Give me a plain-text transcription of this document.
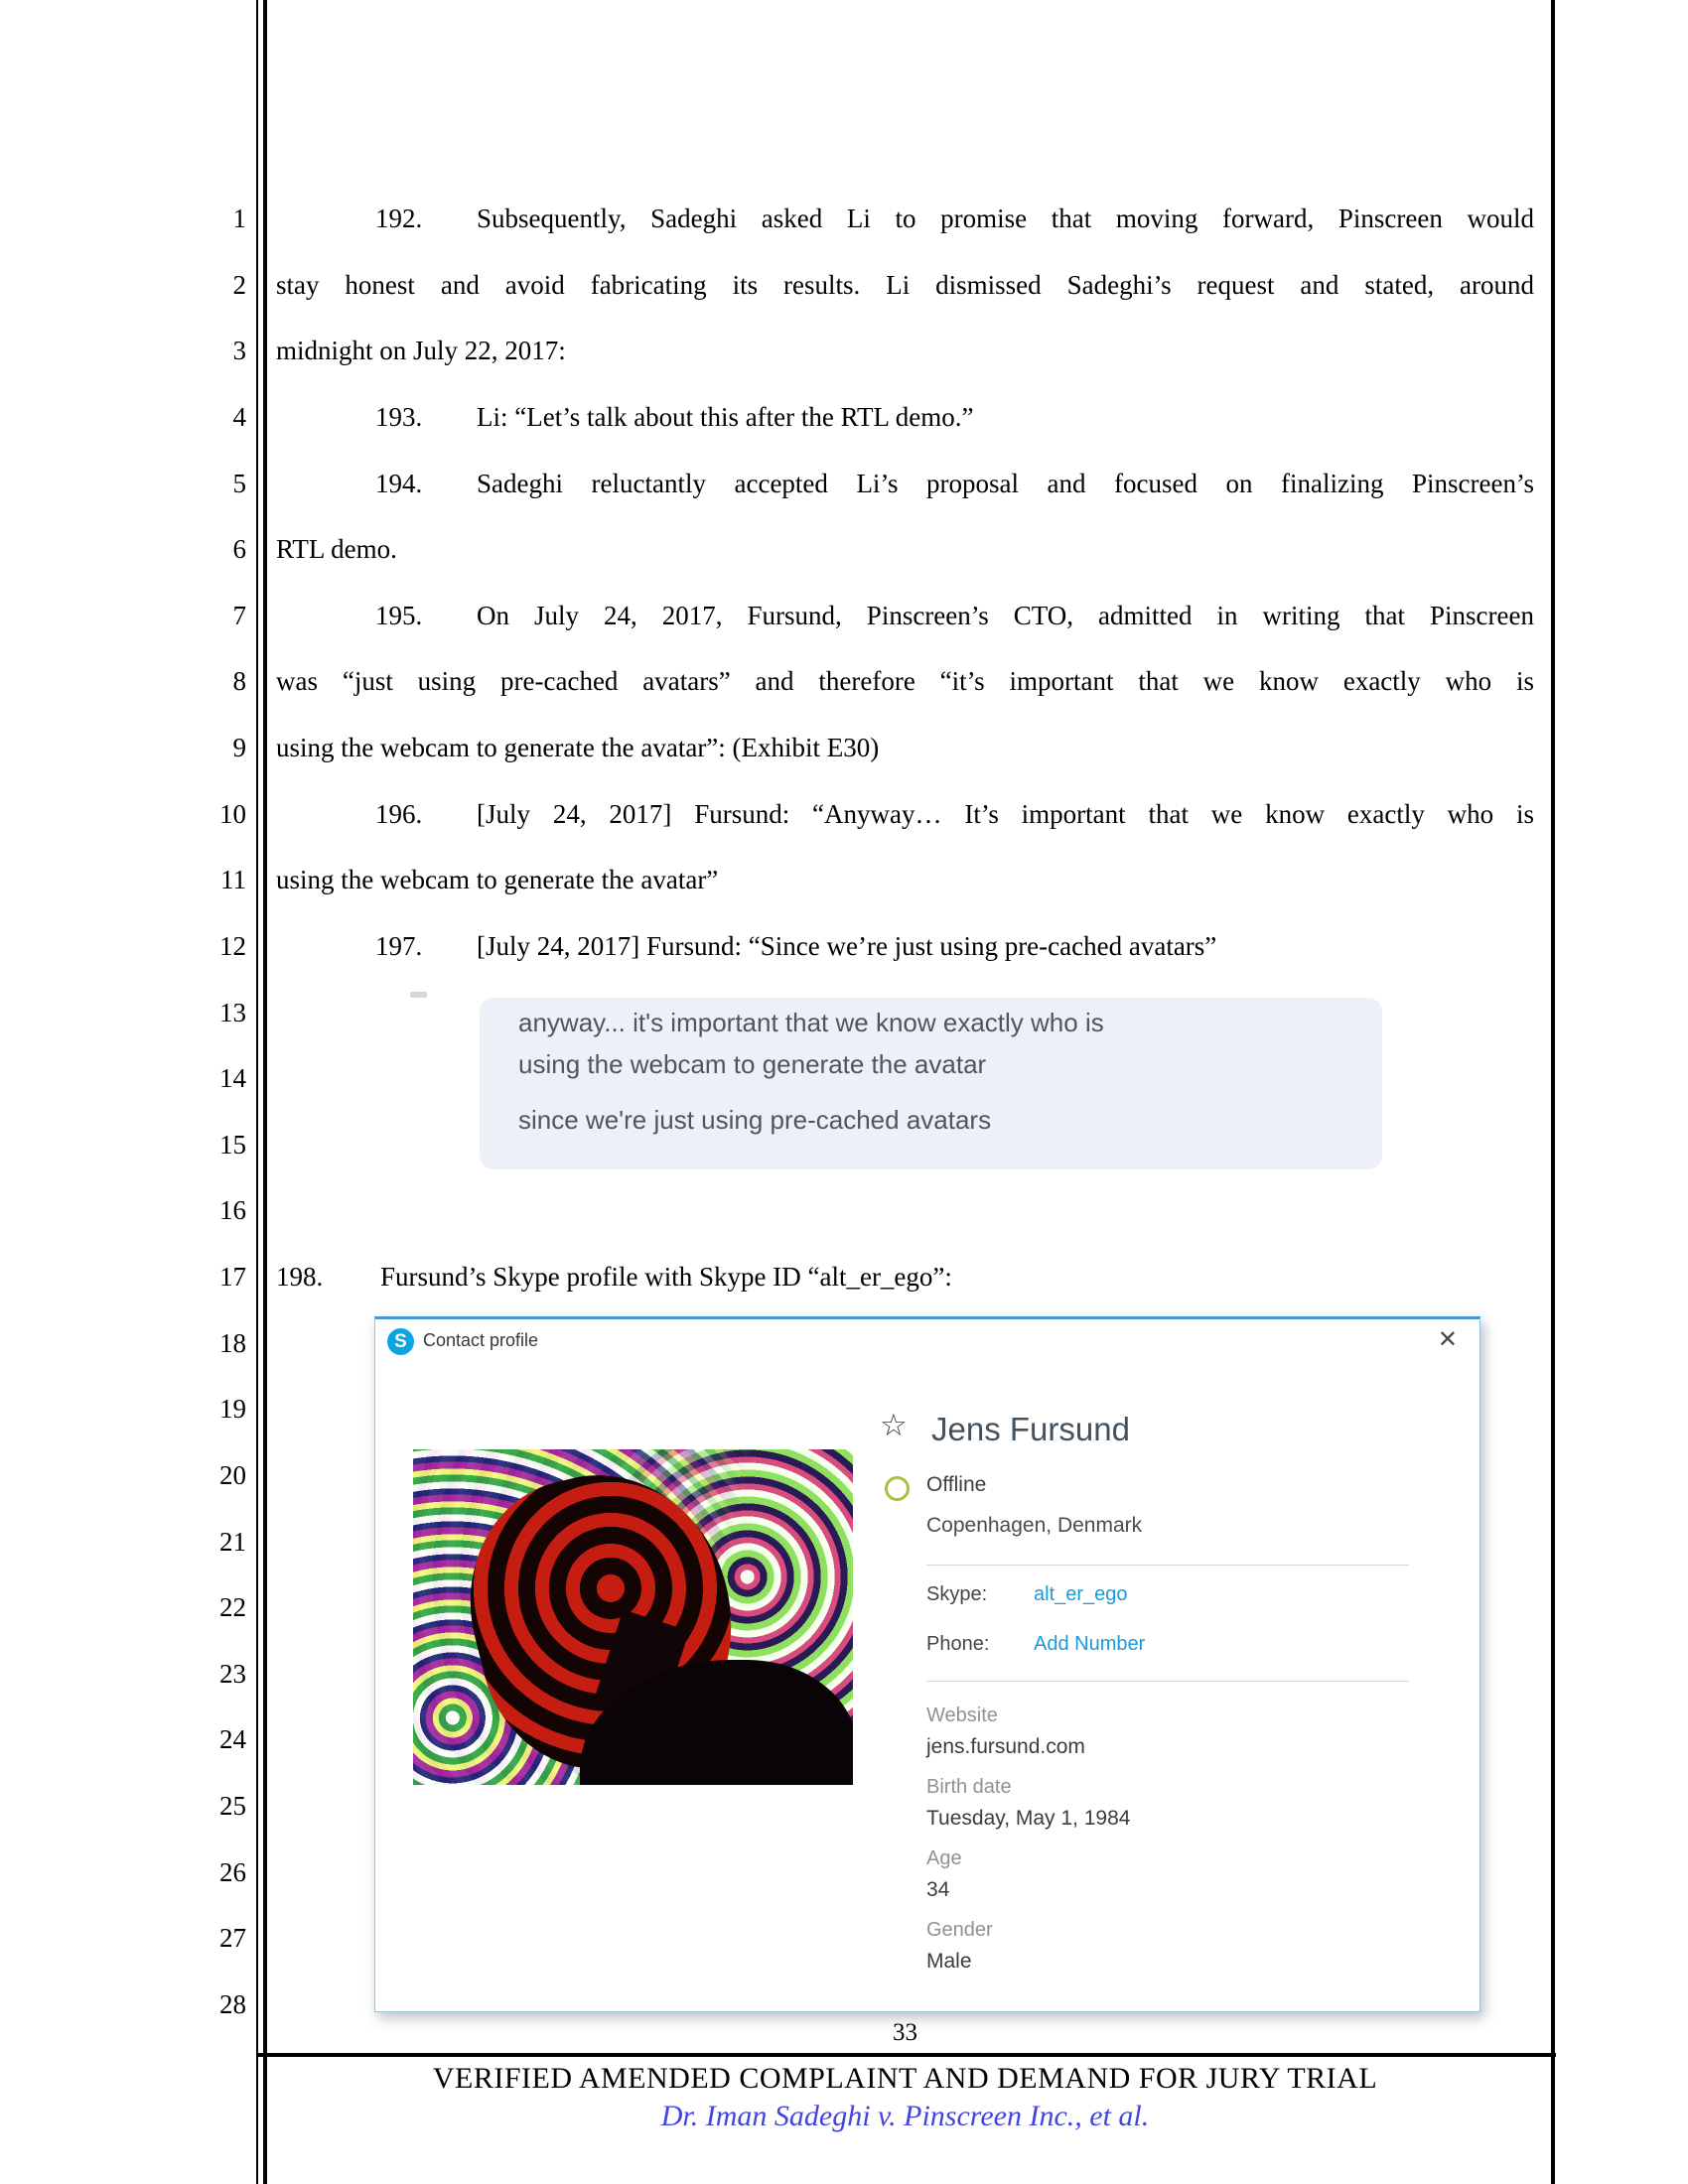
1
2
3
4
5
6
7
8
9
10
11
12
13
14
15
16
17
18
19
20
21
22
23
24
25
26
27
28
192. Subsequently, Sadeghi asked Li to promise that moving forward, Pinscreen would
stay honest and avoid fabricating its results. Li dismissed Sadeghi’s request and stated, around
midnight on July 22, 2017:
193. Li: “Let’s talk about this after the RTL demo.”
194. Sadeghi reluctantly accepted Li’s proposal and focused on finalizing Pinscreen’s
RTL demo.
195. On July 24, 2017, Fursund, Pinscreen’s CTO, admitted in writing that Pinscreen
was “just using pre-cached avatars” and therefore “it’s important that we know exactly who is
using the webcam to generate the avatar”: (Exhibit E30)
196. [July 24, 2017] Fursund: “Anyway… It’s important that we know exactly who is
using the webcam to generate the avatar”
197. [July 24, 2017] Fursund: “Since we’re just using pre-cached avatars”
198. Fursund’s Skype profile with Skype ID “alt_er_ego”:
anyway... it's important that we know exactly who is
using the webcam to generate the avatar
since we're just using pre-cached avatars
S Contact profile	✕
☆ Jens Fursund
Offline
Copenhagen, Denmark
Skype: alt_er_ego
Phone: Add Number
Website
jens.fursund.com
Birth date
Tuesday, May 1, 1984
Age
34
Gender
Male
33
VERIFIED AMENDED COMPLAINT AND DEMAND FOR JURY TRIAL
Dr. Iman Sadeghi v. Pinscreen Inc., et al.
